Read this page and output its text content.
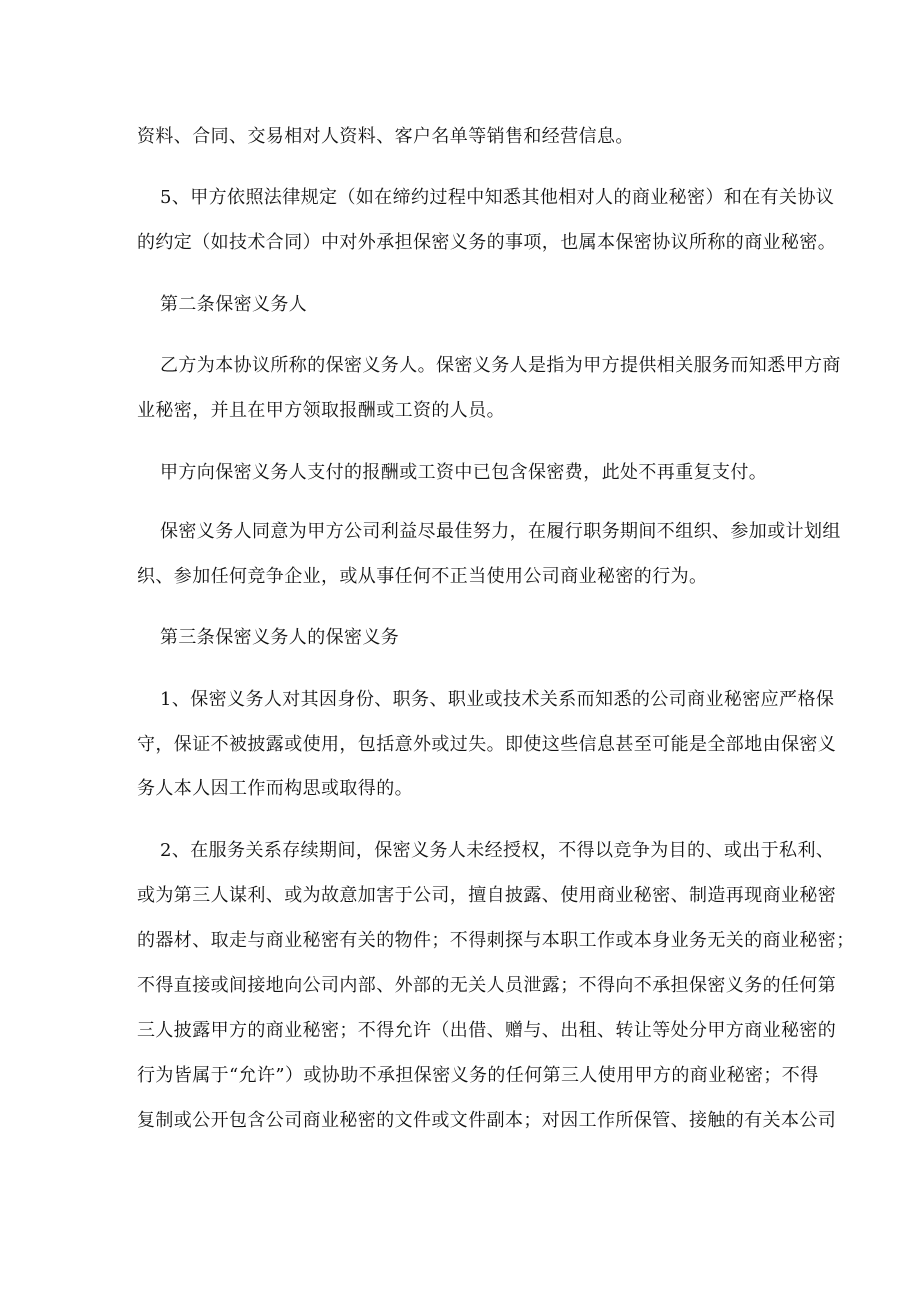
资料、合同、交易相对人资料、客户名单等销售和经营信息。
5、甲方依照法律规定（如在缔约过程中知悉其他相对人的商业秘密）和在有关协议
的约定（如技术合同）中对外承担保密义务的事项，也属本保密协议所称的商业秘密。
第二条保密义务人
乙方为本协议所称的保密义务人。保密义务人是指为甲方提供相关服务而知悉甲方商
业秘密，并且在甲方领取报酬或工资的人员。
甲方向保密义务人支付的报酬或工资中已包含保密费，此处不再重复支付。
保密义务人同意为甲方公司利益尽最佳努力，在履行职务期间不组织、参加或计划组
织、参加任何竞争企业，或从事任何不正当使用公司商业秘密的行为。
第三条保密义务人的保密义务
1、保密义务人对其因身份、职务、职业或技术关系而知悉的公司商业秘密应严格保
守，保证不被披露或使用，包括意外或过失。即使这些信息甚至可能是全部地由保密义
务人本人因工作而构思或取得的。
2、在服务关系存续期间，保密义务人未经授权，不得以竞争为目的、或出于私利、
或为第三人谋利、或为故意加害于公司，擅自披露、使用商业秘密、制造再现商业秘密
的器材、取走与商业秘密有关的物件；不得刺探与本职工作或本身业务无关的商业秘密；
不得直接或间接地向公司内部、外部的无关人员泄露；不得向不承担保密义务的任何第
三人披露甲方的商业秘密；不得允许（出借、赠与、出租、转让等处分甲方商业秘密的
行为皆属于“允许”）或协助不承担保密义务的任何第三人使用甲方的商业秘密；不得
复制或公开包含公司商业秘密的文件或文件副本；对因工作所保管、接触的有关本公司
